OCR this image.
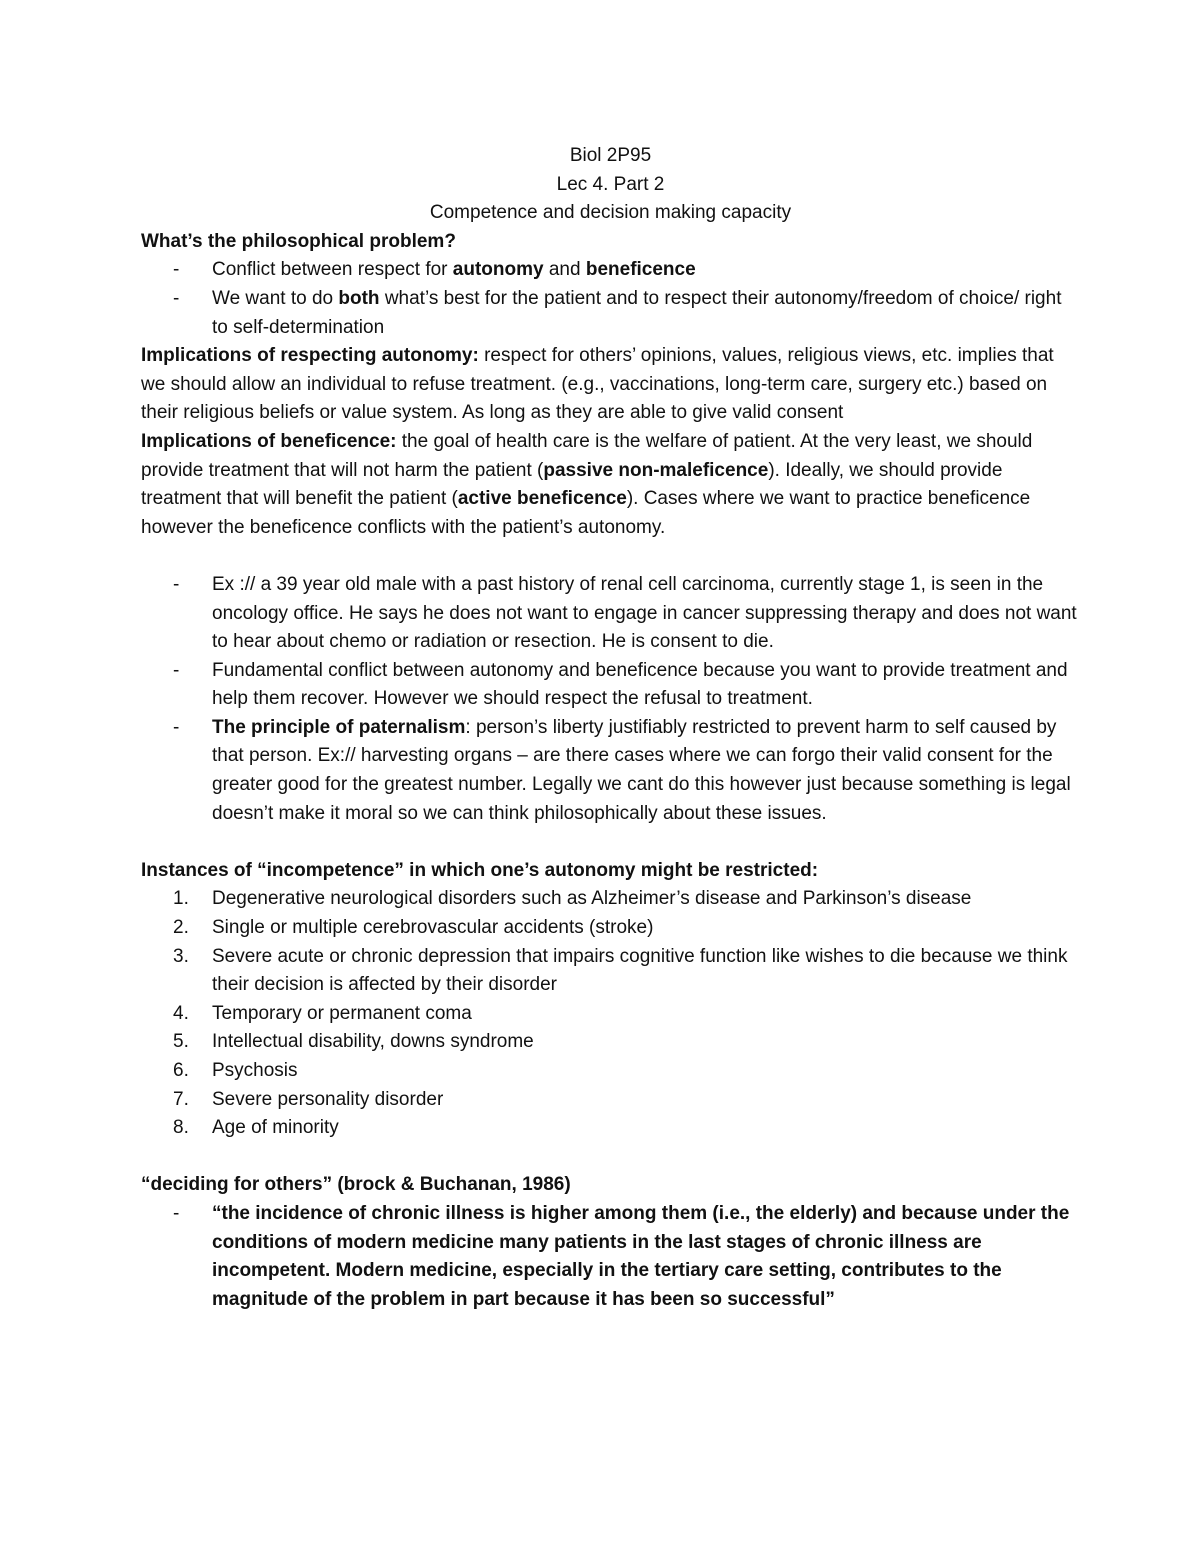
Biol 2P95

Lec 4. Part 2

Competence and decision making capacity

What’s the philosophical problem?

- Conflict between respect for autonomy and beneficence
- We want to do both what’s best for the patient and to respect their autonomy/freedom of choice/ right to self-determination

Implications of respecting autonomy: respect for others’ opinions, values, religious views, etc. implies that we should allow an individual to refuse treatment. (e.g., vaccinations, long-term care, surgery etc.) based on their religious beliefs or value system. As long as they are able to give valid consent

Implications of beneficence: the goal of health care is the welfare of patient. At the very least, we should provide treatment that will not harm the patient (passive non-maleficence). Ideally, we should provide treatment that will benefit the patient (active beneficence). Cases where we want to practice beneficence however the beneficence conflicts with the patient’s autonomy.

- Ex :// a 39 year old male with a past history of renal cell carcinoma, currently stage 1, is seen in the oncology office. He says he does not want to engage in cancer suppressing therapy and does not want to hear about chemo or radiation or resection. He is consent to die.
- Fundamental conflict between autonomy and beneficence because you want to provide treatment and help them recover. However we should respect the refusal to treatment.
- The principle of paternalism: person’s liberty justifiably restricted to prevent harm to self caused by that person. Ex:// harvesting organs – are there cases where we can forgo their valid consent for the greater good for the greatest number. Legally we cant do this however just because something is legal doesn’t make it moral so we can think philosophically about these issues.

Instances of “incompetence” in which one’s autonomy might be restricted:

1. Degenerative neurological disorders such as Alzheimer’s disease and Parkinson’s disease
2. Single or multiple cerebrovascular accidents (stroke)
3. Severe acute or chronic depression that impairs cognitive function like wishes to die because we think their decision is affected by their disorder
4. Temporary or permanent coma
5. Intellectual disability, downs syndrome
6. Psychosis
7. Severe personality disorder
8. Age of minority

“deciding for others” (brock & Buchanan, 1986)

- “the incidence of chronic illness is higher among them (i.e., the elderly) and because under the conditions of modern medicine many patients in the last stages of chronic illness are incompetent. Modern medicine, especially in the tertiary care setting, contributes to the magnitude of the problem in part because it has been so successful”
